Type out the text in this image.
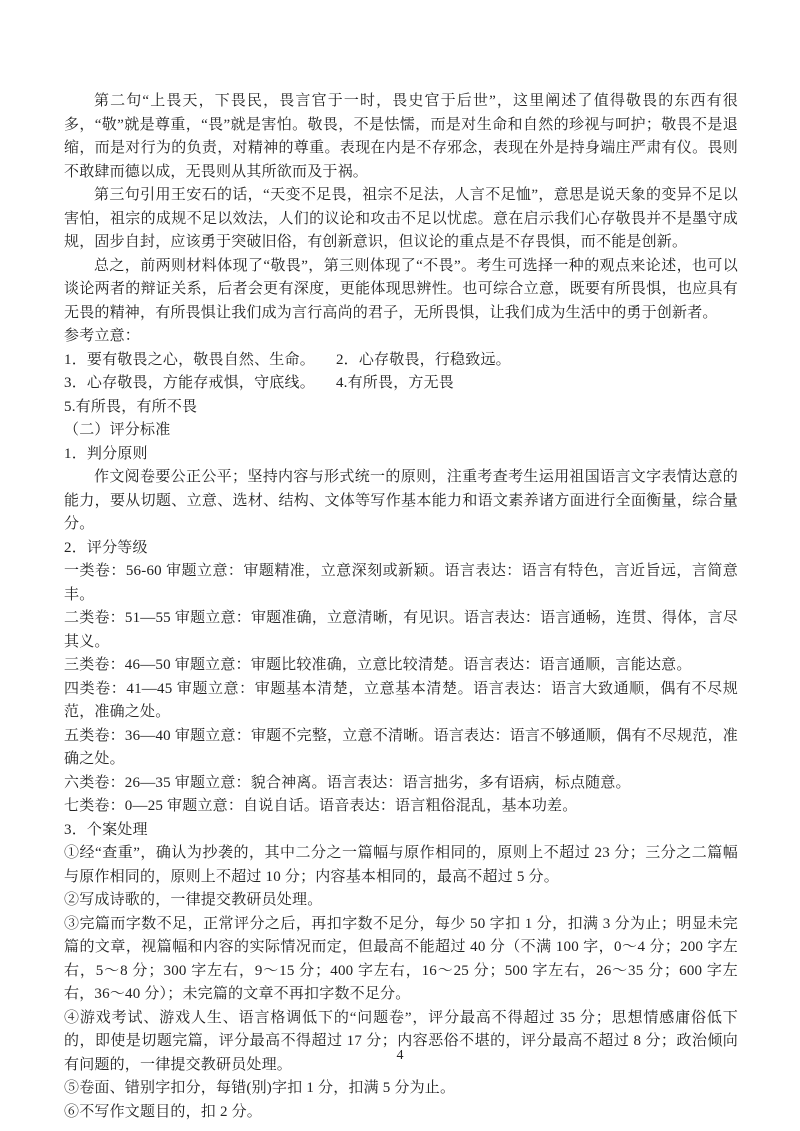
第二句“上畏天，下畏民，畏言官于一时，畏史官于后世”，这里阐述了值得敬畏的东西有很多，“敬”就是尊重，“畏”就是害怕。敬畏，不是怯懦，而是对生命和自然的珍视与呵护；敬畏不是退缩，而是对行为的负责，对精神的尊重。表现在内是不存邪念，表现在外是持身端庄严肃有仪。畏则不敢肆而德以成，无畏则从其所欲而及于祸。

第三句引用王安石的话，“天变不足畏，祖宗不足法，人言不足恤”，意思是说天象的变异不足以害怕，祖宗的成规不足以效法，人们的议论和攻击不足以忧虑。意在启示我们心存敬畏并不是墨守成规，固步自封，应该勇于突破旧俗，有创新意识，但议论的重点是不存畏惧，而不能是创新。

总之，前两则材料体现了“敬畏”，第三则体现了“不畏”。考生可选择一种的观点来论述，也可以谈论两者的辩证关系，后者会更有深度，更能体现思辨性。也可综合立意，既要有所畏惧，也应具有无畏的精神，有所畏惧让我们成为言行高尚的君子，无所畏惧，让我们成为生活中的勇于创新者。

参考立意：

1．要有敬畏之心，敬畏自然、生命。 2．心存敬畏，行稳致远。

3．心存敬畏，方能存戒惧，守底线。 4.有所畏，方无畏

5.有所畏，有所不畏

（二）评分标准

1．判分原则

作文阅卷要公正公平；坚持内容与形式统一的原则，注重考查考生运用祖国语言文字表情达意的能力，要从切题、立意、选材、结构、文体等写作基本能力和语文素养诸方面进行全面衡量，综合量分。

2．评分等级

一类卷：56-60 审题立意：审题精准，立意深刻或新颖。语言表达：语言有特色，言近旨远，言简意丰。

二类卷：51—55 审题立意：审题准确，立意清晰，有见识。语言表达：语言通畅，连贯、得体，言尽其义。

三类卷：46—50 审题立意：审题比较准确，立意比较清楚。语言表达：语言通顺，言能达意。

四类卷：41—45 审题立意：审题基本清楚，立意基本清楚。语言表达：语言大致通顺，偶有不尽规范，准确之处。

五类卷：36—40 审题立意：审题不完整，立意不清晰。语言表达：语言不够通顺，偶有不尽规范，准确之处。

六类卷：26—35 审题立意：貌合神离。语言表达：语言拙劣，多有语病，标点随意。

七类卷：0—25 审题立意：自说自话。语音表达：语言粗俗混乱，基本功差。

3．个案处理

①经“查重”，确认为抄袭的，其中二分之一篇幅与原作相同的，原则上不超过 23 分；三分之二篇幅与原作相同的，原则上不超过 10 分；内容基本相同的，最高不超过 5 分。

②写成诗歌的，一律提交教研员处理。

③完篇而字数不足，正常评分之后，再扣字数不足分，每少 50 字扣 1 分，扣满 3 分为止；明显未完篇的文章，视篇幅和内容的实际情况而定，但最高不能超过 40 分（不满 100 字，0～4 分；200 字左右，5～8 分；300 字左右，9～15 分；400 字左右，16～25 分；500 字左右，26～35 分；600 字左右，36～40 分）；未完篇的文章不再扣字数不足分。

④游戏考试、游戏人生、语言格调低下的“问题卷”，评分最高不得超过 35 分；思想情感庸俗低下的，即使是切题完篇，评分最高不得超过 17 分；内容恶俗不堪的，评分最高不超过 8 分；政治倾向有问题的，一律提交教研员处理。

⑤卷面、错别字扣分，每错(别)字扣 1 分，扣满 5 分为止。

⑥不写作文题目的，扣 2 分。

4
